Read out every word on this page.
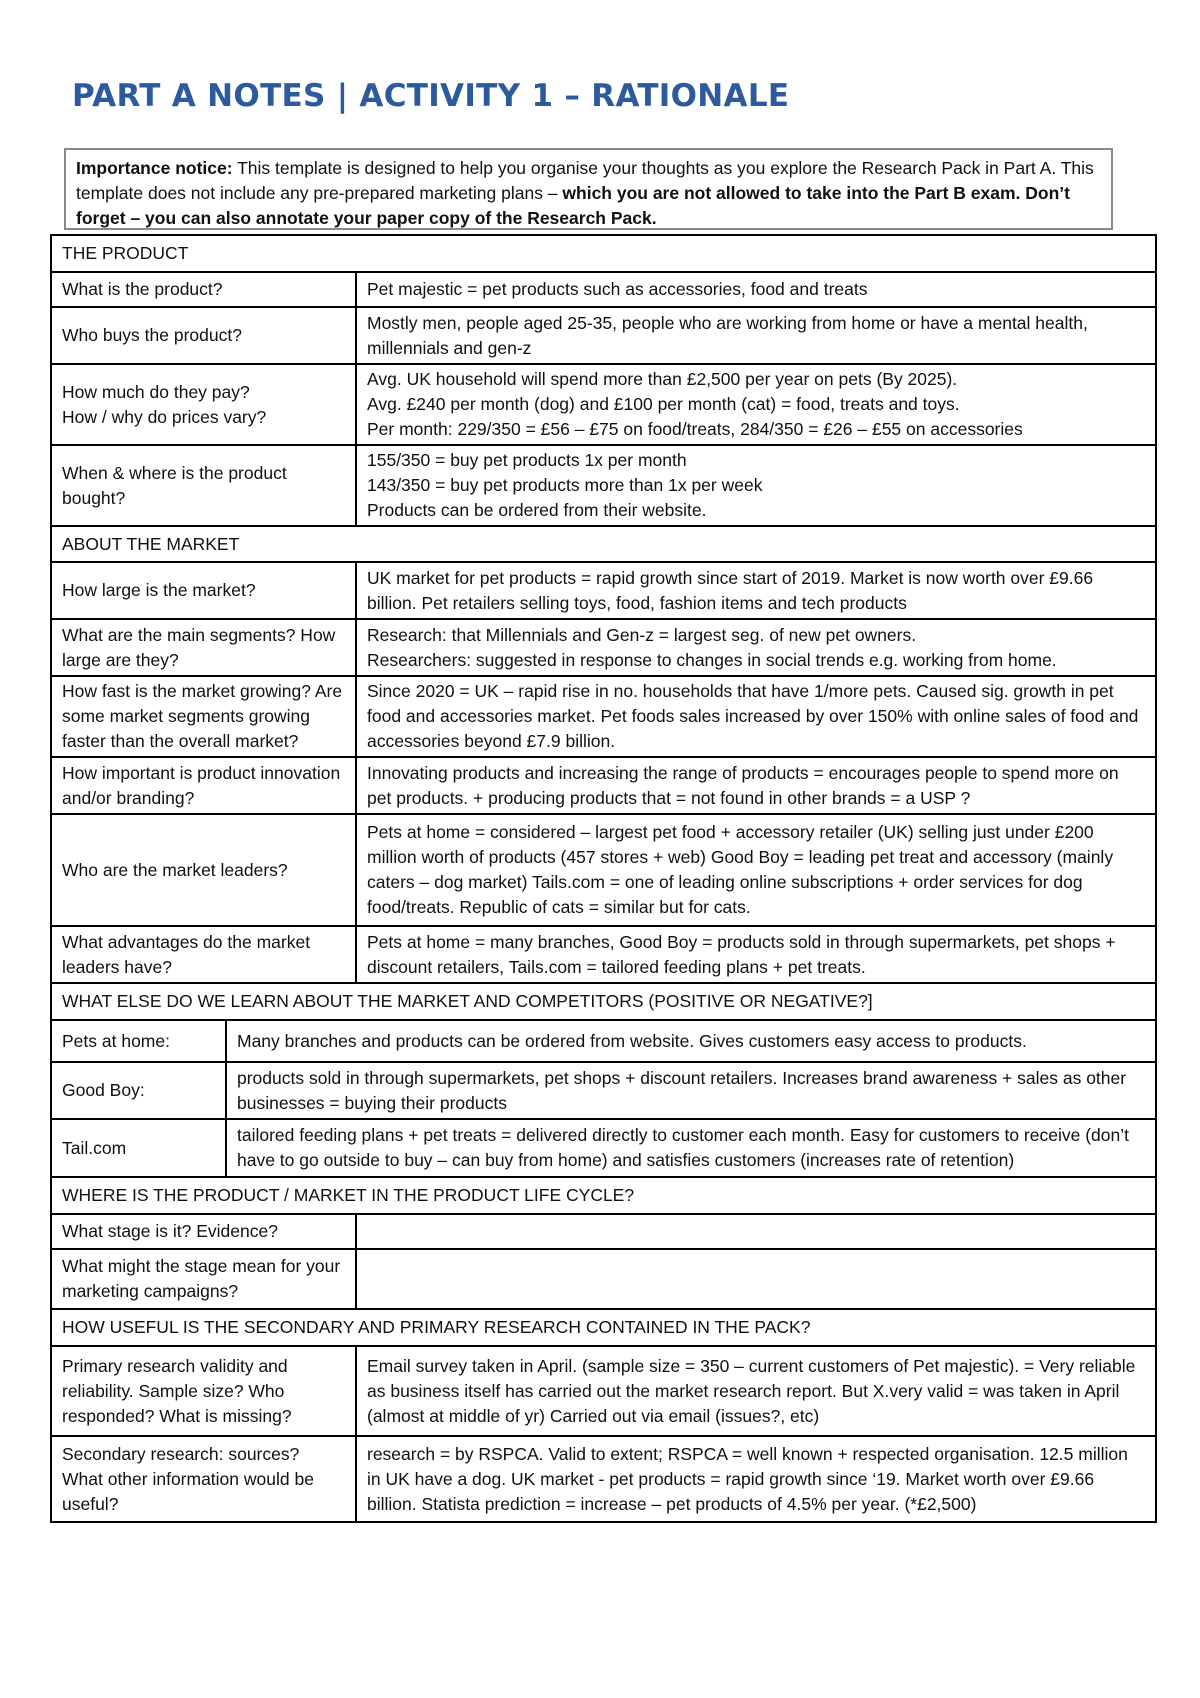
PART A NOTES | ACTIVITY 1 – RATIONALE
Importance notice: This template is designed to help you organise your thoughts as you explore the Research Pack in Part A. This template does not include any pre-prepared marketing plans – which you are not allowed to take into the Part B exam. Don’t forget – you can also annotate your paper copy of the Research Pack.
THE PRODUCT
What is the product?	Pet majestic = pet products such as accessories, food and treats
Who buys the product?	Mostly men, people aged 25-35, people who are working from home or have a mental health, millennials and gen-z
How much do they pay?
How / why do prices vary?	Avg. UK household will spend more than £2,500 per year on pets (By 2025).
Avg. £240 per month (dog) and £100 per month (cat) = food, treats and toys.
Per month: 229/350 = £56 – £75 on food/treats, 284/350 = £26 – £55 on accessories
When & where is the product bought?	155/350 = buy pet products 1x per month
143/350 = buy pet products more than 1x per week
Products can be ordered from their website.
ABOUT THE MARKET
How large is the market?	UK market for pet products = rapid growth since start of 2019. Market is now worth over £9.66 billion. Pet retailers selling toys, food, fashion items and tech products
What are the main segments? How large are they?	Research: that Millennials and Gen-z = largest seg. of new pet owners.
Researchers: suggested in response to changes in social trends e.g. working from home.
How fast is the market growing? Are some market segments growing faster than the overall market?	Since 2020 = UK – rapid rise in no. households that have 1/more pets. Caused sig. growth in pet food and accessories market. Pet foods sales increased by over 150% with online sales of food and accessories beyond £7.9 billion.
How important is product innovation and/or branding?	Innovating products and increasing the range of products = encourages people to spend more on pet products. + producing products that = not found in other brands = a USP ?
Who are the market leaders?	Pets at home = considered – largest pet food + accessory retailer (UK) selling just under £200 million worth of products (457 stores + web) Good Boy = leading pet treat and accessory (mainly caters – dog market) Tails.com = one of leading online subscriptions + order services for dog food/treats. Republic of cats = similar but for cats.
What advantages do the market leaders have?	Pets at home = many branches, Good Boy = products sold in through supermarkets, pet shops + discount retailers, Tails.com = tailored feeding plans + pet treats.
WHAT ELSE DO WE LEARN ABOUT THE MARKET AND COMPETITORS (POSITIVE OR NEGATIVE?]

Pets at home:	Many branches and products can be ordered from website. Gives customers easy access to products.
Good Boy:	products sold in through supermarkets, pet shops + discount retailers. Increases brand awareness + sales as other businesses = buying their products
Tail.com	tailored feeding plans + pet treats = delivered directly to customer each month. Easy for customers to receive (don’t have to go outside to buy – can buy from home) and satisfies customers (increases rate of retention)

WHERE IS THE PRODUCT / MARKET IN THE PRODUCT LIFE CYCLE?
What stage is it? Evidence?	
What might the stage mean for your marketing campaigns?	
HOW USEFUL IS THE SECONDARY AND PRIMARY RESEARCH CONTAINED IN THE PACK?
Primary research validity and reliability. Sample size? Who responded? What is missing?	Email survey taken in April. (sample size = 350 – current customers of Pet majestic). = Very reliable as business itself has carried out the market research report. But X.very valid = was taken in April (almost at middle of yr) Carried out via email (issues?, etc)
Secondary research: sources? What other information would be useful?	research = by RSPCA. Valid to extent; RSPCA = well known + respected organisation. 12.5 million in UK have a dog. UK market - pet products = rapid growth since ‘19. Market worth over £9.66 billion. Statista prediction = increase – pet products of 4.5% per year. (*£2,500)
